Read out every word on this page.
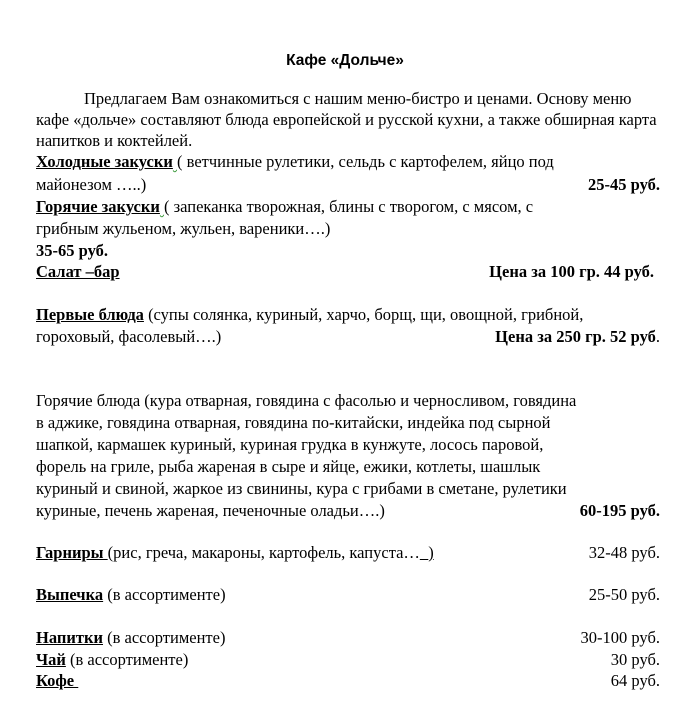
Кафе «Дольче»
Предлагаем Вам ознакомиться с нашим меню-бистро и ценами. Основу меню кафе «дольче» составляют блюда европейской и русской кухни, а также обширная карта напитков и коктейлей.
Холодные закуски ( ветчинные рулетики, сельдь с картофелем, яйцо под
майонезом …..)	25-45 руб.
Горячие закуски ( запеканка творожная, блины с творогом, с мясом, с
грибным жульеном, жульен, вареники….)
35-65 руб.
Салат –бар	Цена за 100 гр. 44 руб.
Первые блюда (супы солянка, куриный, харчо, борщ, щи, овощной, грибной,
гороховый, фасолевый….)	Цена за 250 гр. 52 руб.
Горячие блюда (кура отварная, говядина с фасолью и черносливом, говядина
в аджике, говядина отварная, говядина по-китайски, индейка под сырной
шапкой, кармашек куриный, куриная грудка в кунжуте, лосось паровой,
форель на гриле, рыба жареная в сыре и яйце, ежики, котлеты, шашлык
куриный и свиной, жаркое из свинины, кура с грибами в сметане, рулетики
куриные, печень жареная, печеночные оладьи….)	60-195 руб.
Гарниры (рис, греча, макароны, картофель, капуста…_)	32-48 руб.
Выпечка (в ассортименте)	25-50 руб.
Напитки (в ассортименте)	30-100 руб.
Чай (в ассортименте)	30 руб.
Кофе	64 руб.
